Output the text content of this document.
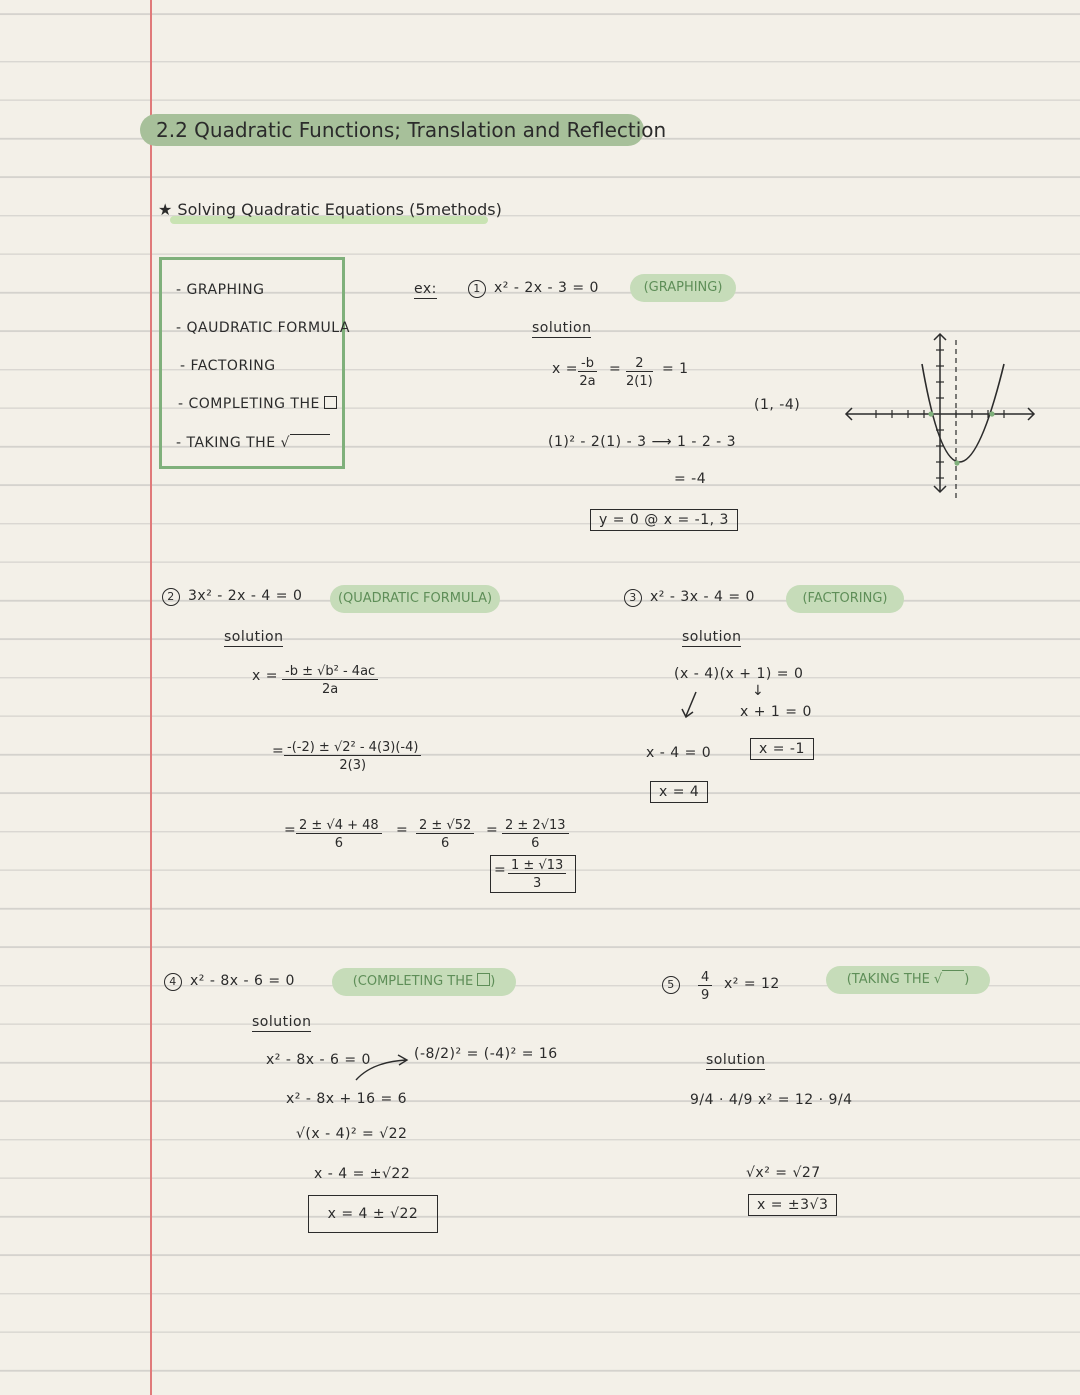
2.2 Quadratic Functions; Translation and Reflection
★ Solving Quadratic Equations (5methods)
- GRAPHING
- QAUDRATIC FORMULA
- FACTORING
- COMPLETING THE
- TAKING THE √
ex:	1 x² - 2x - 3 = 0	(GRAPHING)
solution
$x = \frac{-b}{2a} = \frac{2}{2(1)} = 1$
(1)² - 2(1) - 3 ⟶ 1 - 2 - 3
= -4
(1, -4)
y = 0 @ x = -1, 3
2 3x² - 2x - 4 = 0	(QUADRATIC FORMULA)
solution
$x = \frac{\text{-b ± √b² - 4ac}}{2a}$
= $\frac{\text{-(-2) ± √2² - 4(3)(-4)}}{2(3)}$
= $\frac{2 \pm √4 + 48}{6} = \frac{2 \pm √52}{6} = \frac{2 \pm 2√13}{6}$
= $\frac{1 \pm √13}{3}$
3 x² - 3x - 4 = 0	(FACTORING)
solution
(x - 4)(x + 1) = 0
↓
x + 1 = 0
x - 4 = 0	x = -1
x = 4
4 x² - 8x - 6 = 0	(COMPLETING THE )
solution
x² - 8x - 6 = 0	(-8/2)² = (-4)² = 16
x² - 8x + 16 = 6
√(x - 4)² = √22
x - 4 = ±√22
x = 4 ± √22
5	$\frac{4}{9} x^2 = 12$	(TAKING THE √ )
solution
9/4 · 4/9 x² = 12 · 9/4
√x² = √27
x = ±3√3
